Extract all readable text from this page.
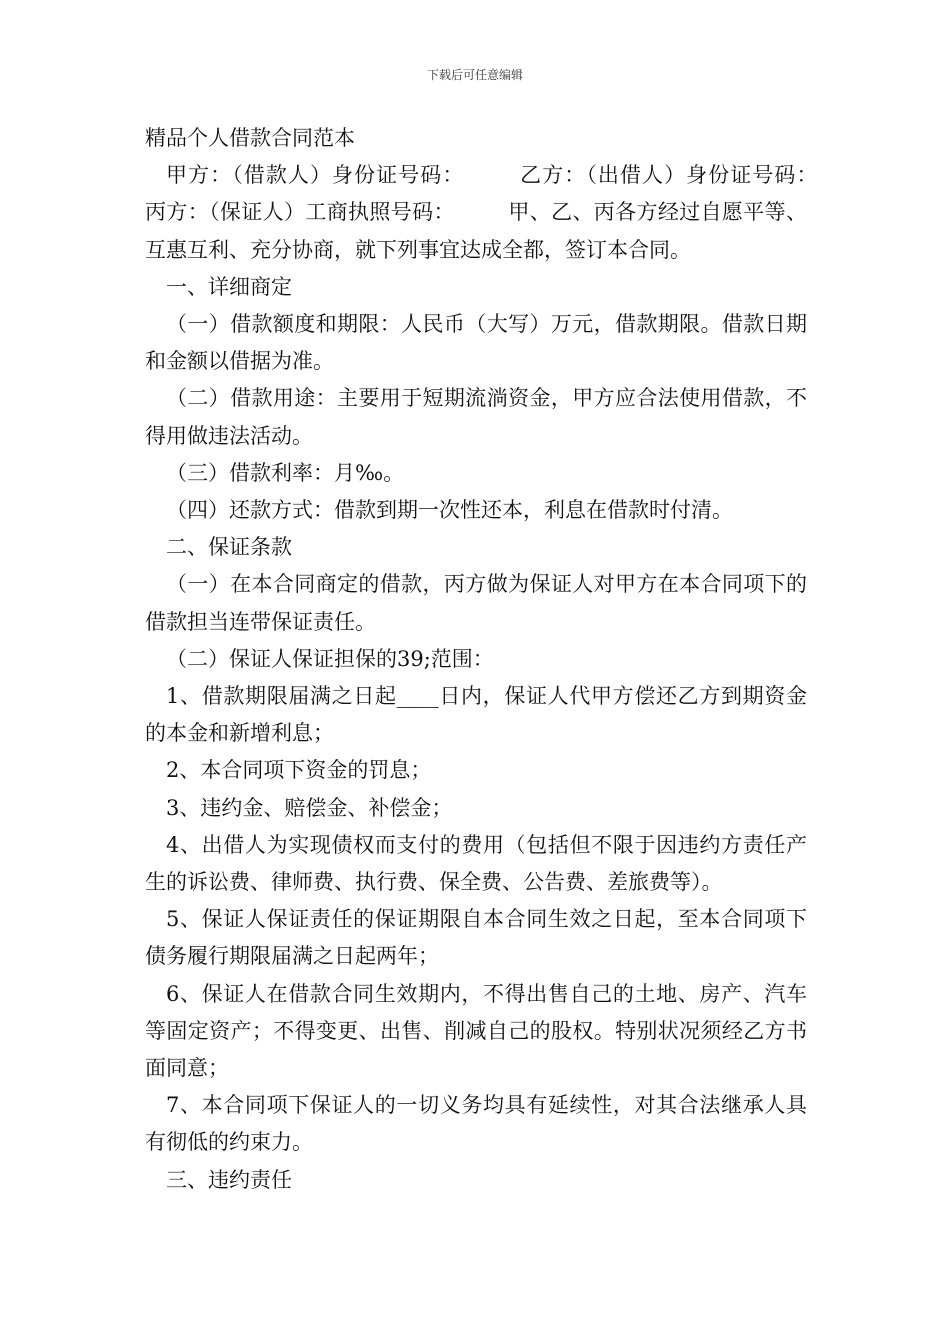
下载后可任意编辑

精品个人借款合同范本

甲方：（借款人）身份证号码：　　　乙方：（出借人）身份证号码：　　　丙方：（保证人）工商执照号码：　　　甲、乙、丙各方经过自愿平等、互惠互利、充分协商，就下列事宜达成全都，签订本合同。

一、详细商定

（一）借款额度和期限：人民币（大写）万元，借款期限。借款日期和金额以借据为准。

（二）借款用途：主要用于短期流淌资金，甲方应合法使用借款，不得用做违法活动。

（三）借款利率：月‰。

（四）还款方式：借款到期一次性还本，利息在借款时付清。

二、保证条款

（一）在本合同商定的借款，丙方做为保证人对甲方在本合同项下的借款担当连带保证责任。

（二）保证人保证担保的39;范围：

1、借款期限届满之日起____日内，保证人代甲方偿还乙方到期资金的本金和新增利息；

2、本合同项下资金的罚息；

3、违约金、赔偿金、补偿金；

4、出借人为实现债权而支付的费用（包括但不限于因违约方责任产生的诉讼费、律师费、执行费、保全费、公告费、差旅费等）。

5、保证人保证责任的保证期限自本合同生效之日起，至本合同项下债务履行期限届满之日起两年；

6、保证人在借款合同生效期内，不得出售自己的土地、房产、汽车等固定资产；不得变更、出售、削减自己的股权。特别状况须经乙方书面同意；

7、本合同项下保证人的一切义务均具有延续性，对其合法继承人具有彻低的约束力。

三、违约责任
